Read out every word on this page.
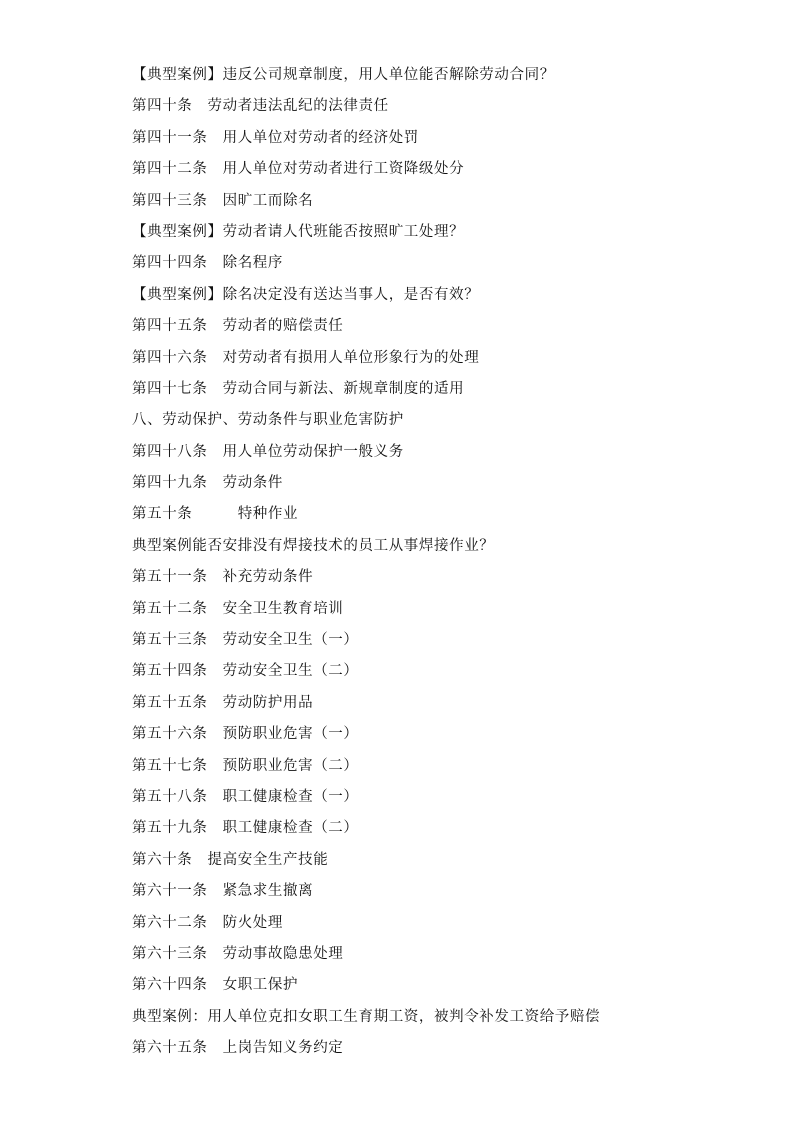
【典型案例】违反公司规章制度，用人单位能否解除劳动合同？
第四十条　劳动者违法乱纪的法律责任
第四十一条　用人单位对劳动者的经济处罚
第四十二条　用人单位对劳动者进行工资降级处分
第四十三条　因旷工而除名
【典型案例】劳动者请人代班能否按照旷工处理？
第四十四条　除名程序
【典型案例】除名决定没有送达当事人，是否有效？
第四十五条　劳动者的赔偿责任
第四十六条　对劳动者有损用人单位形象行为的处理
第四十七条　劳动合同与新法、新规章制度的适用
八、劳动保护、劳动条件与职业危害防护
第四十八条　用人单位劳动保护一般义务
第四十九条　劳动条件
第五十条　　　特种作业
典型案例能否安排没有焊接技术的员工从事焊接作业？
第五十一条　补充劳动条件
第五十二条　安全卫生教育培训
第五十三条　劳动安全卫生（一）
第五十四条　劳动安全卫生（二）
第五十五条　劳动防护用品
第五十六条　预防职业危害（一）
第五十七条　预防职业危害（二）
第五十八条　职工健康检查（一）
第五十九条　职工健康检查（二）
第六十条　提高安全生产技能
第六十一条　紧急求生撤离
第六十二条　防火处理
第六十三条　劳动事故隐患处理
第六十四条　女职工保护
典型案例：用人单位克扣女职工生育期工资，被判令补发工资给予赔偿
第六十五条　上岗告知义务约定
